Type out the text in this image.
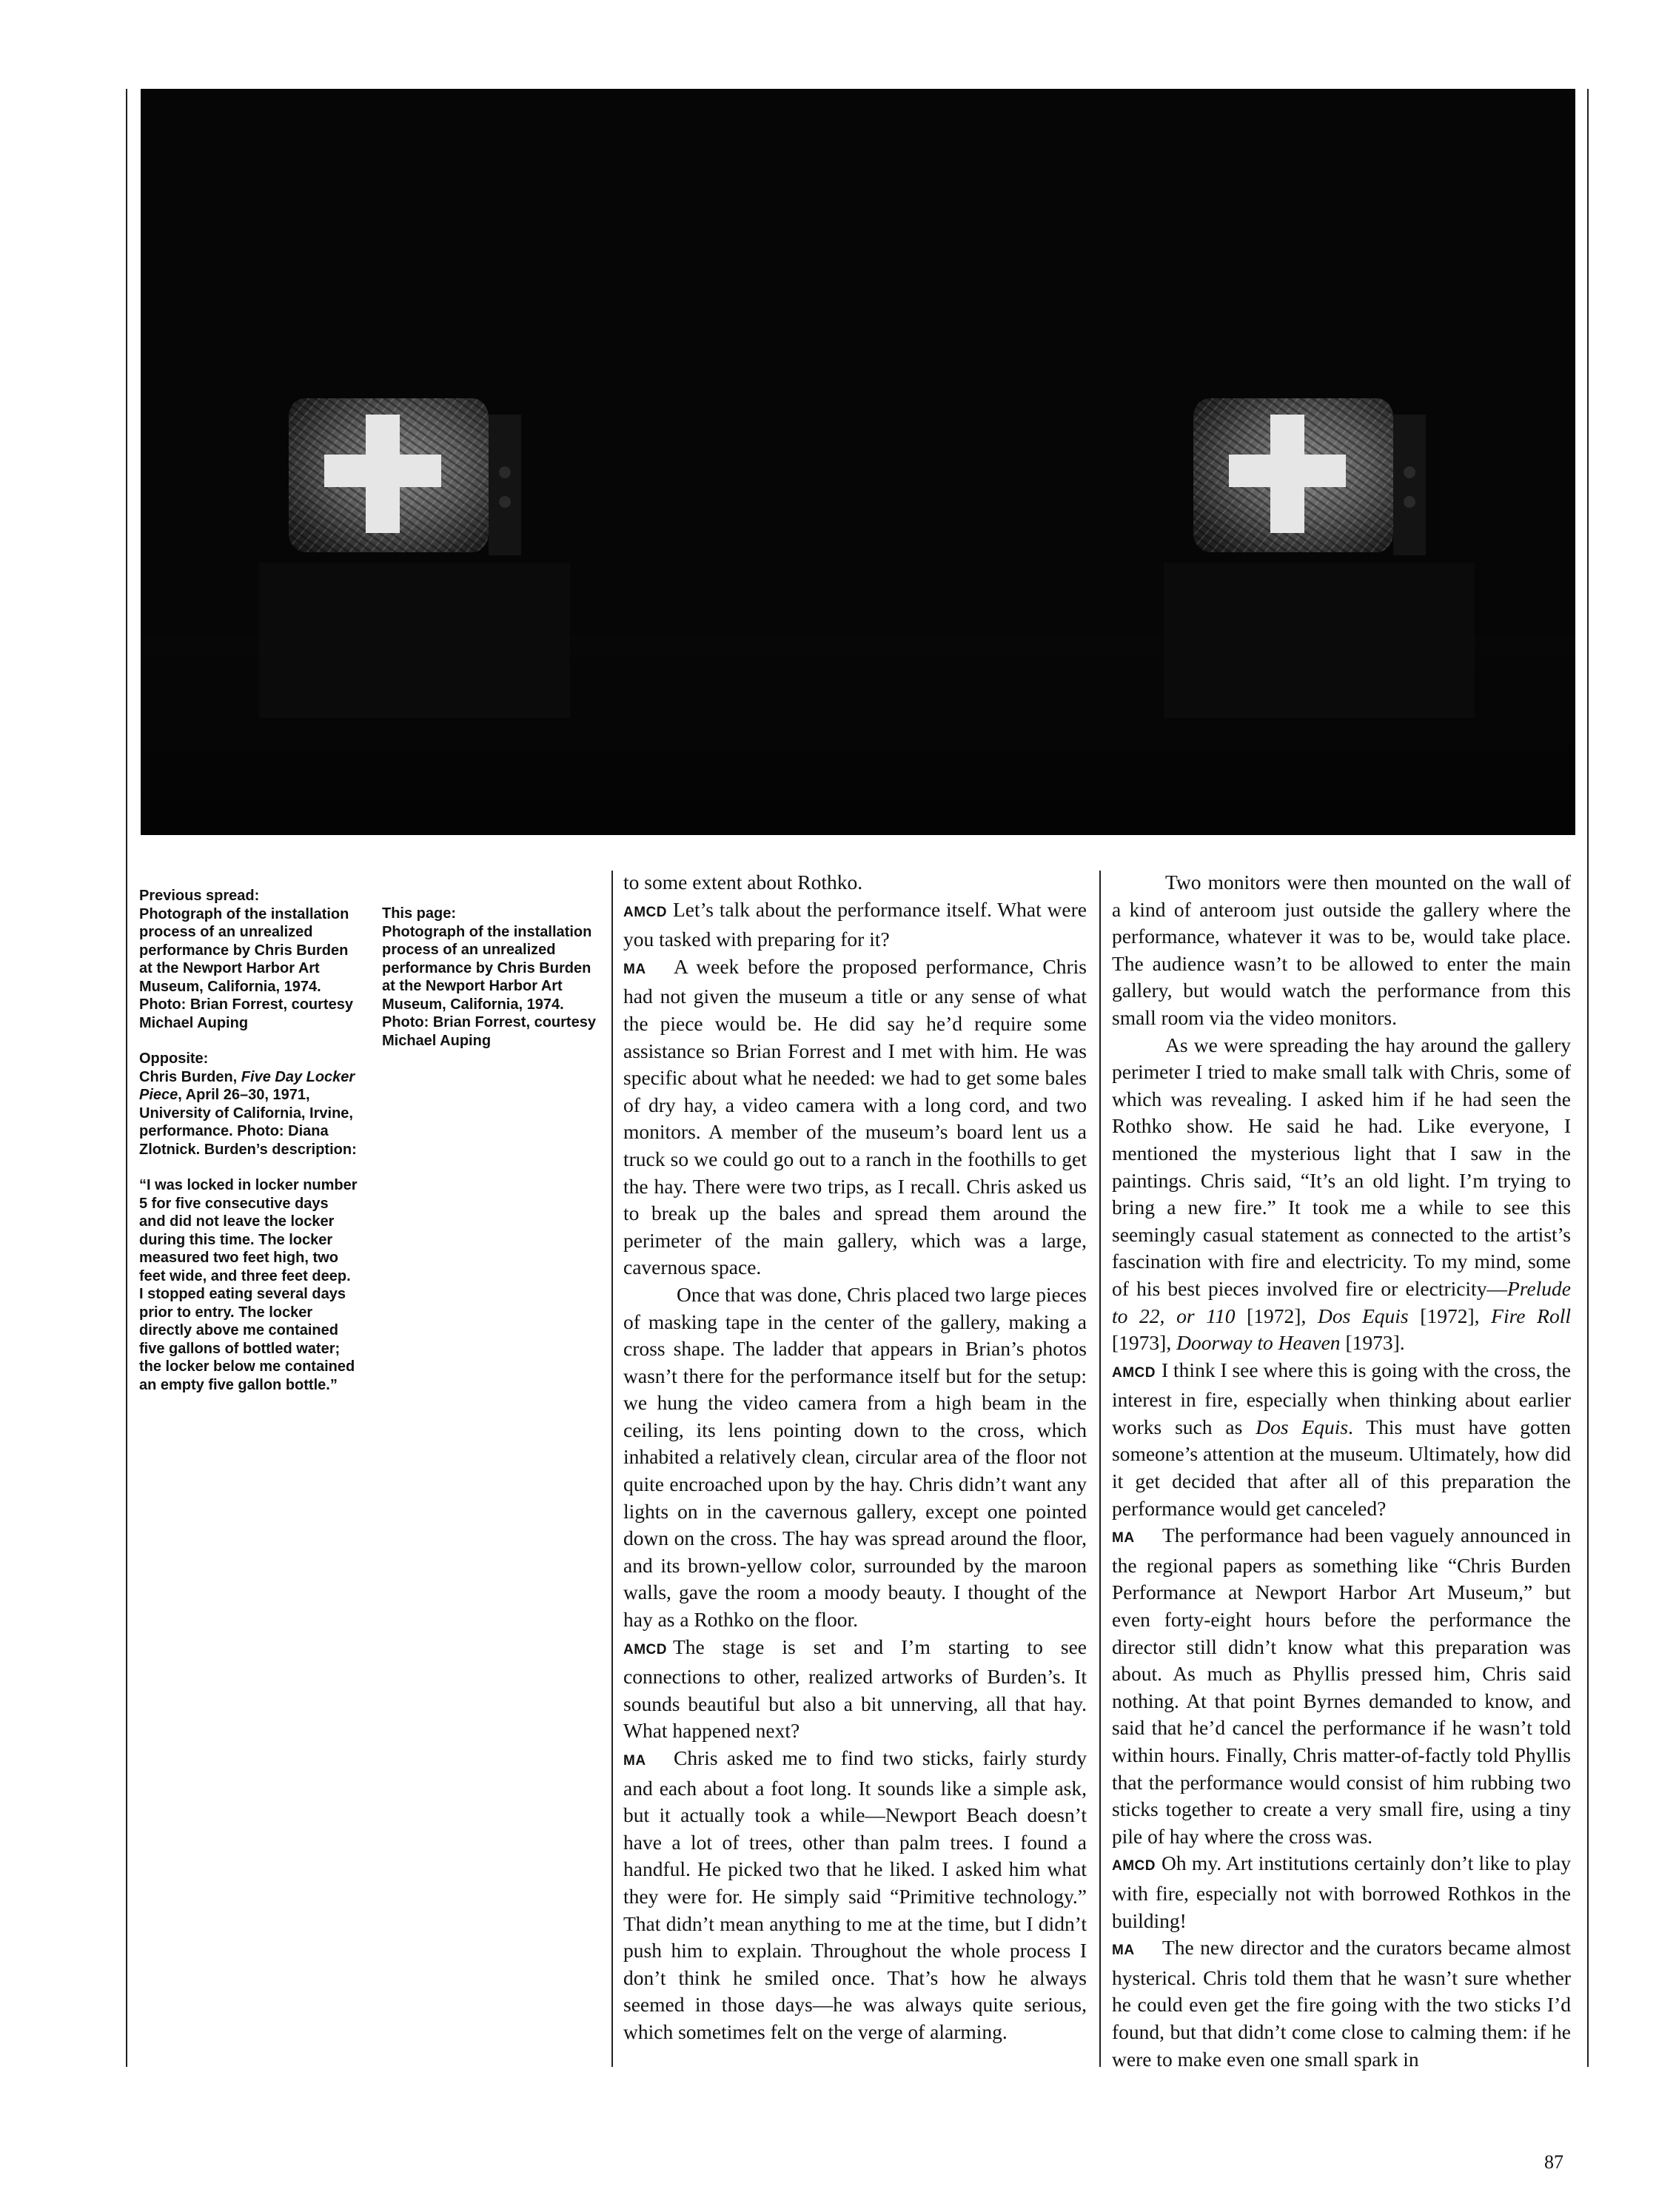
Previous spread:
Photograph of the installation process of an unrealized performance by Chris Burden at the Newport Harbor Art Museum, California, 1974. Photo: Brian Forrest, courtesy Michael Auping

Opposite:
Chris Burden, Five Day Locker Piece, April 26–30, 1971, University of California, Irvine, performance. Photo: Diana Zlotnick. Burden’s description:

“I was locked in locker number 5 for five consecutive days and did not leave the locker during this time. The locker measured two feet high, two feet wide, and three feet deep. I stopped eating several days prior to entry. The locker directly above me contained five gallons of bottled water; the locker below me contained an empty five gallon bottle.”

This page:
Photograph of the installation process of an unrealized performance by Chris Burden at the Newport Harbor Art Museum, California, 1974. Photo: Brian Forrest, courtesy Michael Auping

to some extent about Rothko.

AMCD Let’s talk about the performance itself. What were you tasked with preparing for it?

MA A week before the proposed performance, Chris had not given the museum a title or any sense of what the piece would be. He did say he’d require some assistance so Brian Forrest and I met with him. He was specific about what he needed: we had to get some bales of dry hay, a video camera with a long cord, and two monitors. A member of the museum’s board lent us a truck so we could go out to a ranch in the foothills to get the hay. There were two trips, as I recall. Chris asked us to break up the bales and spread them around the perimeter of the main gallery, which was a large, cavernous space.

Once that was done, Chris placed two large pieces of masking tape in the center of the gallery, making a cross shape. The ladder that appears in Brian’s photos wasn’t there for the performance itself but for the setup: we hung the video camera from a high beam in the ceiling, its lens pointing down to the cross, which inhabited a relatively clean, circular area of the floor not quite encroached upon by the hay. Chris didn’t want any lights on in the cavernous gallery, except one pointed down on the cross. The hay was spread around the floor, and its brown-yellow color, surrounded by the maroon walls, gave the room a moody beauty. I thought of the hay as a Rothko on the floor.

AMCD The stage is set and I’m starting to see connections to other, realized artworks of Burden’s. It sounds beautiful but also a bit unnerving, all that hay. What happened next?

MA Chris asked me to find two sticks, fairly sturdy and each about a foot long. It sounds like a simple ask, but it actually took a while—Newport Beach doesn’t have a lot of trees, other than palm trees. I found a handful. He picked two that he liked. I asked him what they were for. He simply said “Primitive technology.” That didn’t mean anything to me at the time, but I didn’t push him to explain. Throughout the whole process I don’t think he smiled once. That’s how he always seemed in those days—he was always quite serious, which sometimes felt on the verge of alarming.

Two monitors were then mounted on the wall of a kind of anteroom just outside the gallery where the performance, whatever it was to be, would take place. The audience wasn’t to be allowed to enter the main gallery, but would watch the performance from this small room via the video monitors.

As we were spreading the hay around the gallery perimeter I tried to make small talk with Chris, some of which was revealing. I asked him if he had seen the Rothko show. He said he had. Like everyone, I mentioned the mysterious light that I saw in the paintings. Chris said, “It’s an old light. I’m trying to bring a new fire.” It took me a while to see this seemingly casual statement as connected to the artist’s fascination with fire and electricity. To my mind, some of his best pieces involved fire or electricity—Prelude to 22, or 110 [1972], Dos Equis [1972], Fire Roll [1973], Doorway to Heaven [1973].

AMCD I think I see where this is going with the cross, the interest in fire, especially when thinking about earlier works such as Dos Equis. This must have gotten someone’s attention at the museum. Ultimately, how did it get decided that after all of this preparation the performance would get canceled?

MA The performance had been vaguely announced in the regional papers as something like “Chris Burden Performance at Newport Harbor Art Museum,” but even forty-eight hours before the performance the director still didn’t know what this preparation was about. As much as Phyllis pressed him, Chris said nothing. At that point Byrnes demanded to know, and said that he’d cancel the performance if he wasn’t told within hours. Finally, Chris matter-of-factly told Phyllis that the performance would consist of him rubbing two sticks together to create a very small fire, using a tiny pile of hay where the cross was.

AMCD Oh my. Art institutions certainly don’t like to play with fire, especially not with borrowed Rothkos in the building!

MA The new director and the curators became almost hysterical. Chris told them that he wasn’t sure whether he could even get the fire going with the two sticks I’d found, but that didn’t come close to calming them: if he were to make even one small spark in

87
